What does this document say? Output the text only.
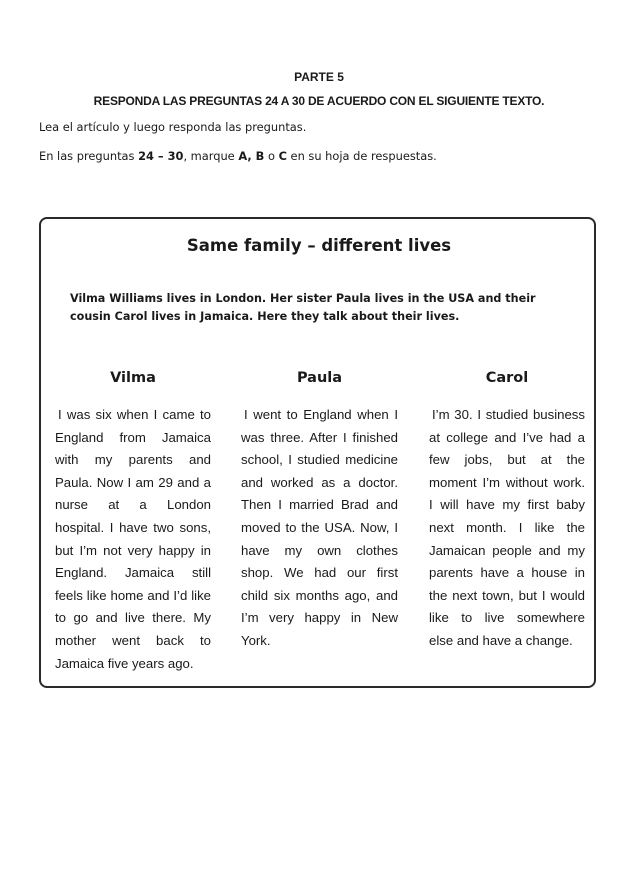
PARTE 5
RESPONDA LAS PREGUNTAS 24 A 30 DE ACUERDO CON EL SIGUIENTE TEXTO.
Lea el artículo y luego responda las preguntas.
En las preguntas 24 – 30, marque A, B o C en su hoja de respuestas.
Same family – different lives
Vilma Williams lives in London. Her sister Paula lives in the USA and their cousin Carol lives in Jamaica. Here they talk about their lives.
Vilma	Paula	Carol

I was six when I came to England from Jamaica with my parents and Paula. Now I am 29 and a nurse at a London hospital. I have two sons, but I’m not very happy in England. Jamaica still feels like home and I’d like to go and live there. My mother went back to Jamaica five years ago.

I went to England when I was three. After I finished school, I studied medicine and worked as a doctor. Then I married Brad and moved to the USA. Now, I have my own clothes shop. We had our first child six months ago, and I’m very happy in New York.

I’m 30. I studied business at college and I’ve had a few jobs, but at the moment I’m without work. I will have my first baby next month. I like the Jamaican people and my parents have a house in the next town, but I would like to live somewhere else and have a change.
